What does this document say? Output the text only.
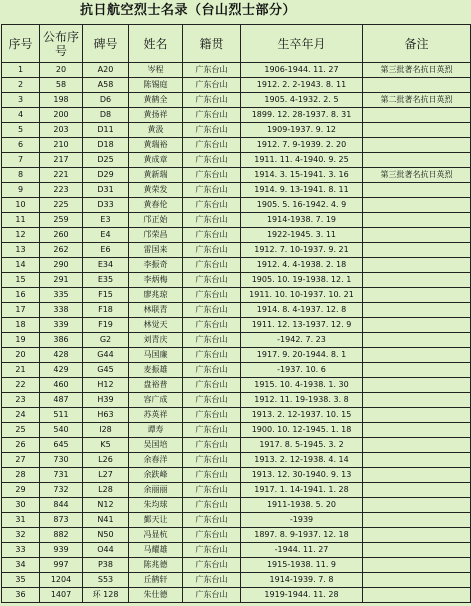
抗日航空烈士名录（台山烈士部分）
序号	公布序号	碑号	姓名	籍贯	生卒年月	备注
1	20	A20	岑程	广东台山	1906-1944. 11. 27	第三批著名抗日英烈
2	58	A58	陈锡庭	广东台山	1912. 2. 2-1943. 8. 11	
3	198	D6	黄鹤全	广东台山	1905. 4-1932. 2. 5	第二批著名抗日英烈
4	200	D8	黄扬祥	广东台山	1899. 12. 28-1937. 8. 31	
5	203	D11	黄汲	广东台山	1909-1937. 9. 12	
6	210	D18	黄瑞裕	广东台山	1912. 7. 9-1939. 2. 20	
7	217	D25	黄成章	广东台山	1911. 11. 4-1940. 9. 25	
8	221	D29	黄新瑞	广东台山	1914. 3. 15-1941. 3. 16	第三批著名抗日英烈
9	223	D31	黄荣发	广东台山	1914. 9. 13-1941. 8. 11	
10	225	D33	黄春伦	广东台山	1905. 5. 16-1942. 4. 9	
11	259	E3	邝正始	广东台山	1914-1938. 7. 19	
12	260	E4	邝荣昌	广东台山	1922-1945. 3. 11	
13	262	E6	雷国来	广东台山	1912. 7. 10-1937. 9. 21	
14	290	E34	李振奇	广东台山	1912. 4. 4-1938. 2. 18	
15	291	E35	李炳梅	广东台山	1905. 10. 19-1938. 12. 1	
16	335	F15	廖兆琼	广东台山	1911. 10. 10-1937. 10. 21	
17	338	F18	林联青	广东台山	1914. 8. 4-1937. 12. 8	
18	339	F19	林觉天	广东台山	1911. 12. 13-1937. 12. 9	
19	386	G2	刘青庆	广东台山	-1942. 7. 23	
20	428	G44	马国廉	广东台山	1917. 9. 20-1944. 8. 1	
21	429	G45	麦振雄	广东台山	-1937. 10. 6	
22	460	H12	盘裕普	广东台山	1915. 10. 4-1938. 1. 30	
23	487	H39	容广成	广东台山	1912. 11. 19-1938. 3. 8	
24	511	H63	苏英祥	广东台山	1913. 2. 12-1937. 10. 15	
25	540	I28	谭寿	广东台山	1900. 10. 12-1945. 1. 18	
26	645	K5	吴国培	广东台山	1917. 8. 5-1945. 3. 2	
27	730	L26	余春洋	广东台山	1913. 2. 12-1938. 4. 14	
28	731	L27	余趺峰	广东台山	1913. 12. 30-1940. 9. 13	
29	732	L28	余丽丽	广东台山	1917. 1. 14-1941. 1. 28	
30	844	N12	朱均球	广东台山	1911-1938. 5. 20	
31	873	N41	鄞天让	广东台山	-1939	
32	882	N50	冯显杭	广东台山	1897. 8. 9-1937. 12. 18	
33	939	O44	马耀雄	广东台山	-1944. 11. 27	
34	997	P38	陈兆德	广东台山	1915-1938. 11. 9	
35	1204	S53	丘鹤轩	广东台山	1914-1939. 7. 8	
36	1407	环 128	朱仕德	广东台山	1919-1944. 11. 28	
